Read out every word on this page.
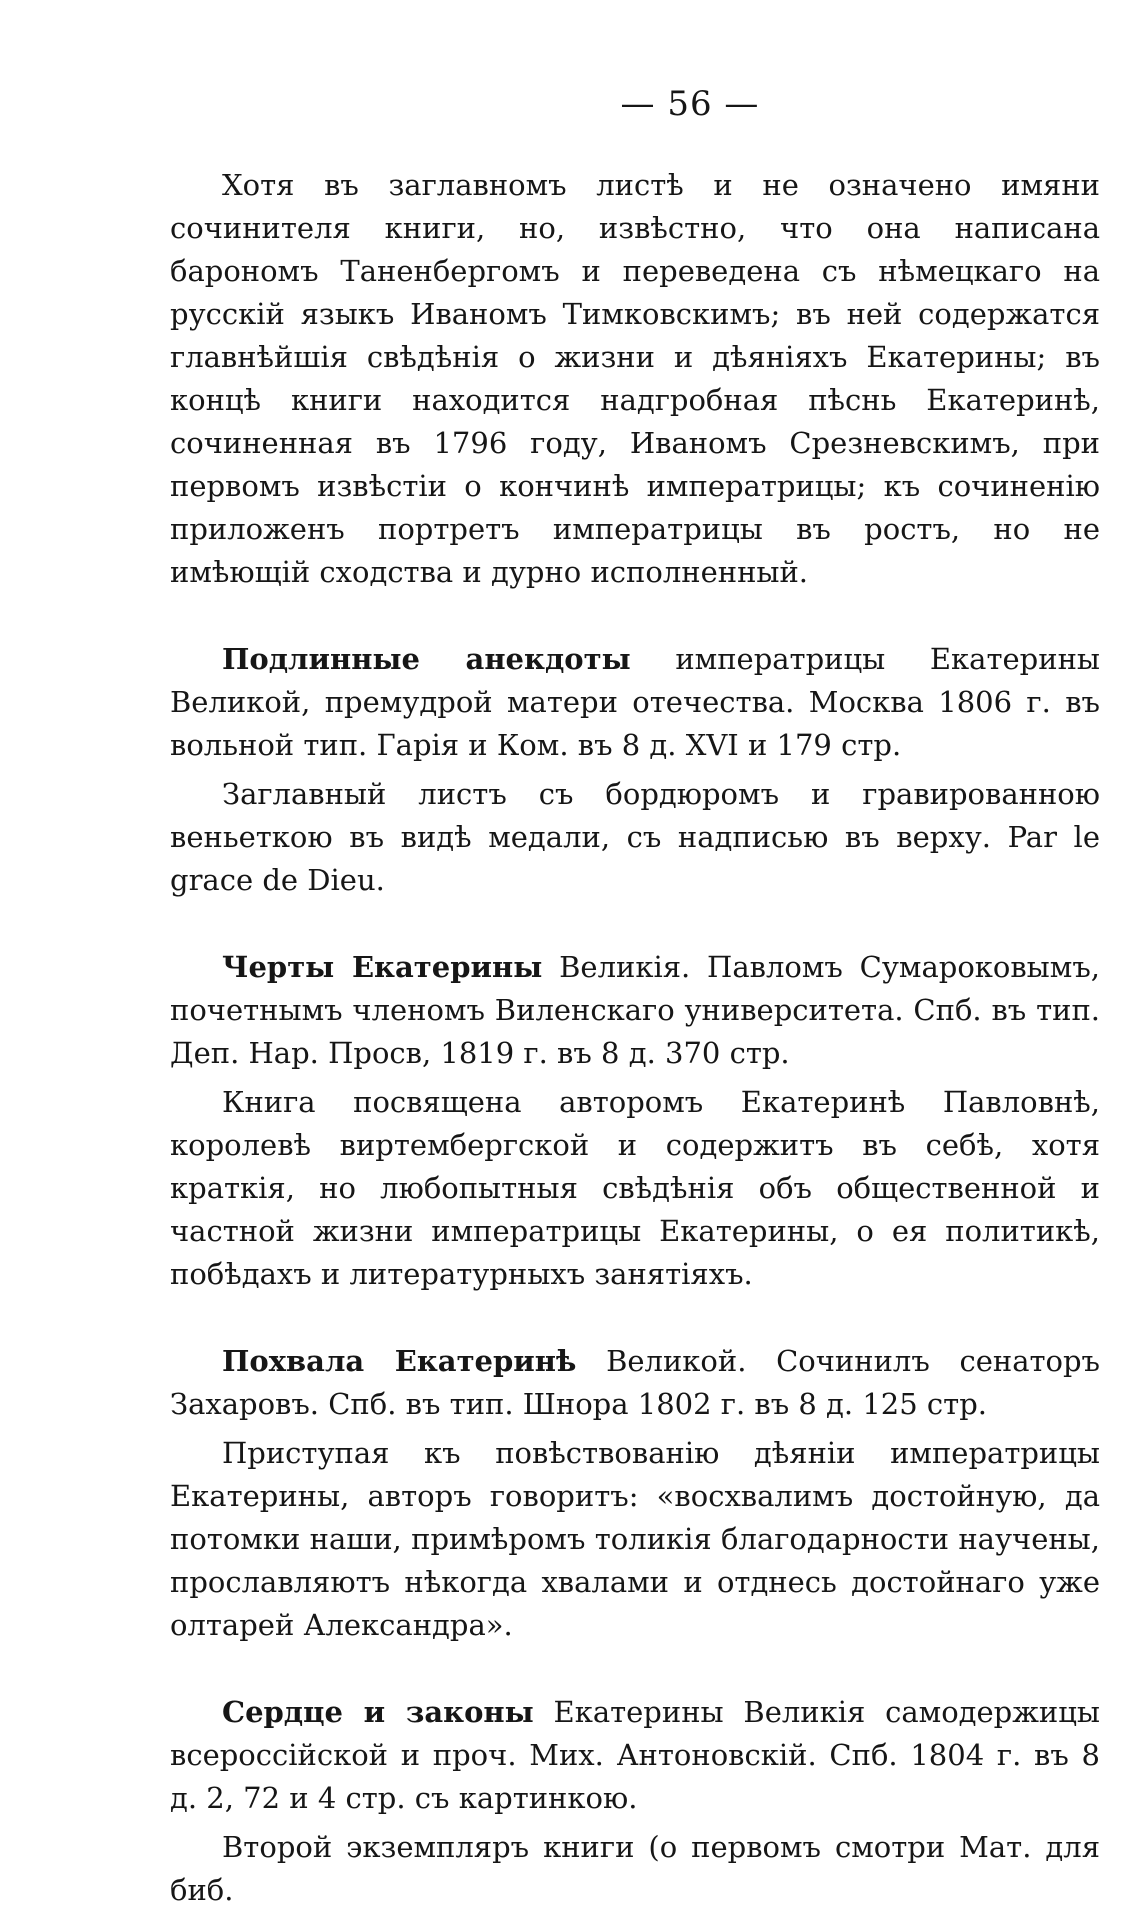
— 56 —

Хотя въ заглавномъ листѣ и не означено имяни сочинителя книги, но, извѣстно, что она написана барономъ Таненбергомъ и переведена съ нѣмецкаго на русскій языкъ Иваномъ Тимковскимъ; въ ней содержатся главнѣйшія свѣдѣнія о жизни и дѣяніяхъ Екатерины; въ концѣ книги находится надгробная пѣснь Екатеринѣ, сочиненная въ 1796 году, Иваномъ Срезневскимъ, при первомъ извѣстіи о кончинѣ императрицы; къ сочиненію приложенъ портретъ императрицы въ ростъ, но не имѣющій сходства и дурно исполненный.

Подлинные анекдоты императрицы Екатерины Великой, премудрой матери отечества. Москва 1806 г. въ вольной тип. Гарія и Ком. въ 8 д. XVI и 179 стр.

Заглавный листъ съ бордюромъ и гравированною веньеткою въ видѣ медали, съ надписью въ верху. Par le grace de Dieu.

Черты Екатерины Великія. Павломъ Сумароковымъ, почетнымъ членомъ Виленскаго университета. Спб. въ тип. Деп. Нар. Просв, 1819 г. въ 8 д. 370 стр.

Книга посвящена авторомъ Екатеринѣ Павловнѣ, королевѣ виртембергской и содержитъ въ себѣ, хотя краткія, но любопытныя свѣдѣнія объ общественной и частной жизни императрицы Екатерины, о ея политикѣ, побѣдахъ и литературныхъ занятіяхъ.

Похвала Екатеринѣ Великой. Сочинилъ сенаторъ Захаровъ. Спб. въ тип. Шнора 1802 г. въ 8 д. 125 стр.

Приступая къ повѣствованію дѣяніи императрицы Екатерины, авторъ говоритъ: «восхвалимъ достойную, да потомки наши, примѣромъ толикія благодарности научены, прославляютъ нѣкогда хвалами и отднесь достойнаго уже олтарей Александра».

Сердце и законы Екатерины Великія самодержицы всероссійской и проч. Мих. Антоновскій. Спб. 1804 г. въ 8 д. 2, 72 и 4 стр. съ картинкою.

Второй экземпляръ книги (о первомъ смотри Мат. для биб.
